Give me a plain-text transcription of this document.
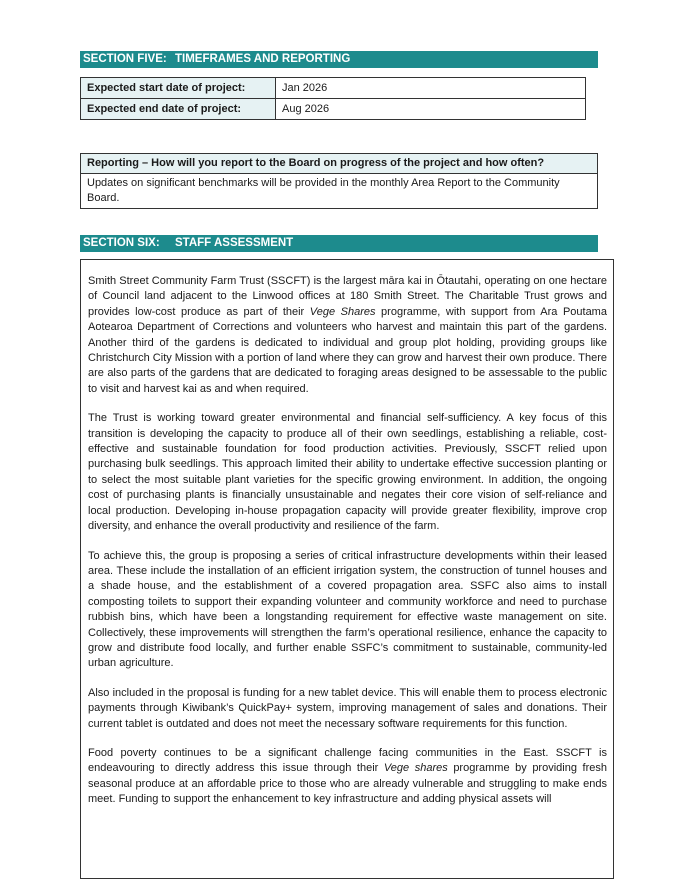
SECTION FIVE: TIMEFRAMES AND REPORTING
Expected start date of project:	Jan 2026
Expected end date of project:	Aug 2026
Reporting – How will you report to the Board on progress of the project and how often?
Updates on significant benchmarks will be provided in the monthly Area Report to the Community Board.
SECTION SIX: STAFF ASSESSMENT

Smith Street Community Farm Trust (SSCFT) is the largest māra kai in Ōtautahi, operating on one hectare of Council land adjacent to the Linwood offices at 180 Smith Street. The Charitable Trust grows and provides low-cost produce as part of their Vege Shares programme, with support from Ara Poutama Aotearoa Department of Corrections and volunteers who harvest and maintain this part of the gardens. Another third of the gardens is dedicated to individual and group plot holding, providing groups like Christchurch City Mission with a portion of land where they can grow and harvest their own produce. There are also parts of the gardens that are dedicated to foraging areas designed to be assessable to the public to visit and harvest kai as and when required.

The Trust is working toward greater environmental and financial self-sufficiency. A key focus of this transition is developing the capacity to produce all of their own seedlings, establishing a reliable, cost-effective and sustainable foundation for food production activities. Previously, SSCFT relied upon purchasing bulk seedlings. This approach limited their ability to undertake effective succession planting or to select the most suitable plant varieties for the specific growing environment. In addition, the ongoing cost of purchasing plants is financially unsustainable and negates their core vision of self-reliance and local production. Developing in-house propagation capacity will provide greater flexibility, improve crop diversity, and enhance the overall productivity and resilience of the farm.

To achieve this, the group is proposing a series of critical infrastructure developments within their leased area. These include the installation of an efficient irrigation system, the construction of tunnel houses and a shade house, and the establishment of a covered propagation area. SSFC also aims to install composting toilets to support their expanding volunteer and community workforce and need to purchase rubbish bins, which have been a longstanding requirement for effective waste management on site. Collectively, these improvements will strengthen the farm’s operational resilience, enhance the capacity to grow and distribute food locally, and further enable SSFC’s commitment to sustainable, community-led urban agriculture.

Also included in the proposal is funding for a new tablet device. This will enable them to process electronic payments through Kiwibank’s QuickPay+ system, improving management of sales and donations. Their current tablet is outdated and does not meet the necessary software requirements for this function.

Food poverty continues to be a significant challenge facing communities in the East. SSCFT is endeavouring to directly address this issue through their Vege shares programme by providing fresh seasonal produce at an affordable price to those who are already vulnerable and struggling to make ends meet. Funding to support the enhancement to key infrastructure and adding physical assets will
